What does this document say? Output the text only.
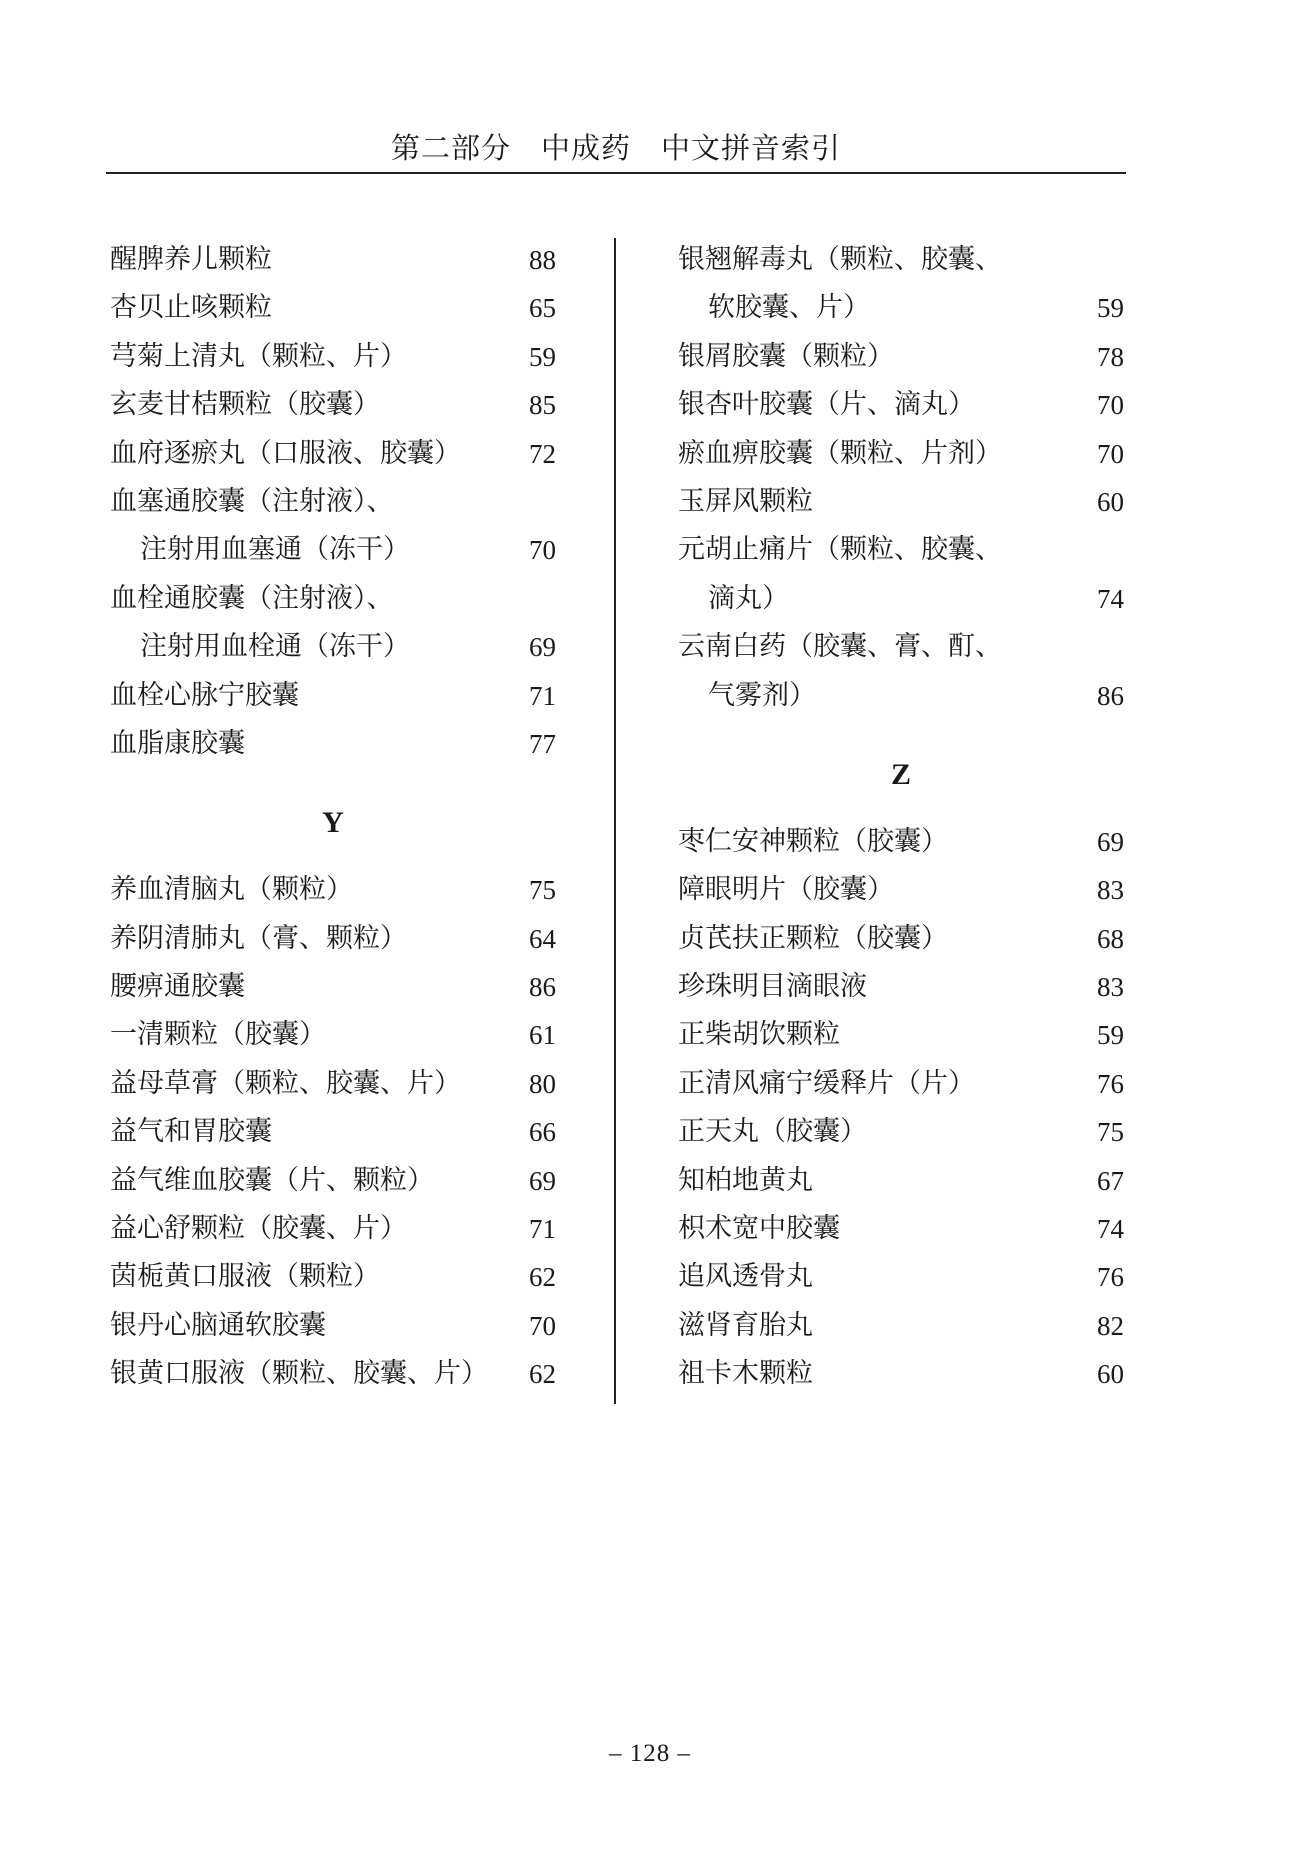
第二部分　中成药　中文拼音索引
醒脾养儿颗粒	88
杏贝止咳颗粒	65
芎菊上清丸（颗粒、片）	59
玄麦甘桔颗粒（胶囊）	85
血府逐瘀丸（口服液、胶囊）	72
血塞通胶囊（注射液）、
注射用血塞通（冻干）	70
血栓通胶囊（注射液）、
注射用血栓通（冻干）	69
血栓心脉宁胶囊	71
血脂康胶囊	77
Y
养血清脑丸（颗粒）	75
养阴清肺丸（膏、颗粒）	64
腰痹通胶囊	86
一清颗粒（胶囊）	61
益母草膏（颗粒、胶囊、片）	80
益气和胃胶囊	66
益气维血胶囊（片、颗粒）	69
益心舒颗粒（胶囊、片）	71
茵栀黄口服液（颗粒）	62
银丹心脑通软胶囊	70
银黄口服液（颗粒、胶囊、片） 62
银翘解毒丸（颗粒、胶囊、
软胶囊、片）	59
银屑胶囊（颗粒）	78
银杏叶胶囊（片、滴丸）	70
瘀血痹胶囊（颗粒、片剂）	70
玉屏风颗粒	60
元胡止痛片（颗粒、胶囊、
滴丸）	74
云南白药（胶囊、膏、酊、
气雾剂）	86
Z
枣仁安神颗粒（胶囊）	69
障眼明片（胶囊）	83
贞芪扶正颗粒（胶囊）	68
珍珠明目滴眼液	83
正柴胡饮颗粒	59
正清风痛宁缓释片（片）	76
正天丸（胶囊）	75
知柏地黄丸	67
枳术宽中胶囊	74
追风透骨丸	76
滋肾育胎丸	82
祖卡木颗粒	60
– 128 –
